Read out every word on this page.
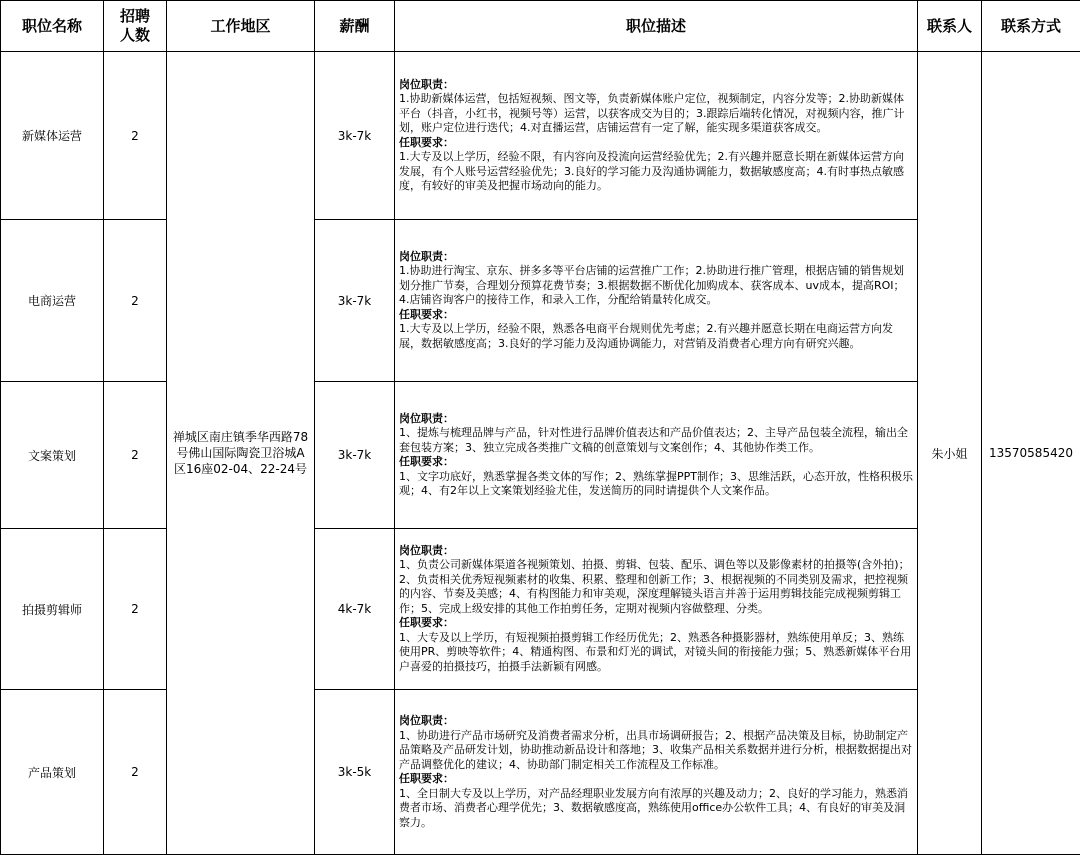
职位名称	招聘人数	工作地区	薪酬	职位描述	联系人	联系方式
新媒体运营	2	禅城区南庄镇季华西路78号佛山国际陶瓷卫浴城A区16座02-04、22-24号	3k-7k	岗位职责：
1.协助新媒体运营，包括短视频、图文等，负责新媒体账户定位，视频制定，内容分发等；2.协助新媒体平台（抖音，小红书，视频号等）运营，以获客成交为目的；3.跟踪后端转化情况，对视频内容，推广计划，账户定位进行迭代；4.对直播运营，店铺运营有一定了解，能实现多渠道获客成交。
任职要求：
1.大专及以上学历，经验不限，有内容向及投流向运营经验优先；2.有兴趣并愿意长期在新媒体运营方向发展，有个人账号运营经验优先；3.良好的学习能力及沟通协调能力，数据敏感度高；4.有时事热点敏感度，有较好的审美及把握市场动向的能力。	朱小姐	13570585420
电商运营	2		3k-7k	岗位职责：
1.协助进行淘宝、京东、拼多多等平台店铺的运营推广工作；2.协助进行推广管理，根据店铺的销售规划划分推广节奏，合理划分预算花费节奏；3.根据数据不断优化加购成本、获客成本、uv成本，提高ROI；4.店铺咨询客户的接待工作，和录入工作，分配给销量转化成交。
任职要求：
1.大专及以上学历，经验不限，熟悉各电商平台规则优先考虑；2.有兴趣并愿意长期在电商运营方向发展，数据敏感度高；3.良好的学习能力及沟通协调能力，对营销及消费者心理方向有研究兴趣。		

文案策划	2		3k-7k	岗位职责：
1、提炼与梳理品牌与产品，针对性进行品牌价值表达和产品价值表达；2、主导产品包装全流程，输出全套包装方案；3、独立完成各类推广文稿的创意策划与文案创作；4、其他协作类工作。
任职要求：
1、文字功底好，熟悉掌握各类文体的写作；2、熟练掌握PPT制作；3、思维活跃，心态开放，性格积极乐观；4、有2年以上文案策划经验尤佳，发送简历的同时请提供个人文案作品。		

拍摄剪辑师	2		4k-7k	岗位职责：
1、负责公司新媒体渠道各视频策划、拍摄、剪辑、包装、配乐、调色等以及影像素材的拍摄等(含外拍)；2、负责相关优秀短视频素材的收集、积累、整理和创新工作；3、根据视频的不同类别及需求，把控视频的内容、节奏及美感；4、有构图能力和审美观，深度理解镜头语言并善于运用剪辑技能完成视频剪辑工作；5、完成上级安排的其他工作拍剪任务，定期对视频内容做整理、分类。
任职要求：
1、大专及以上学历，有短视频拍摄剪辑工作经历优先；2、熟悉各种摄影器材，熟练使用单反；3、熟练使用PR、剪映等软件；4、精通构图、布景和灯光的调试，对镜头间的衔接能力强；5、熟悉新媒体平台用户喜爱的拍摄技巧，拍摄手法新颖有网感。		

产品策划	2		3k-5k	岗位职责：
1、协助进行产品市场研究及消费者需求分析，出具市场调研报告；2、根据产品决策及目标，协助制定产品策略及产品研发计划，协助推动新品设计和落地；3、收集产品相关系数据并进行分析，根据数据提出对产品调整优化的建议；4、协助部门制定相关工作流程及工作标准。
任职要求：
1、全日制大专及以上学历，对产品经理职业发展方向有浓厚的兴趣及动力；2、良好的学习能力，熟悉消费者市场、消费者心理学优先；3、数据敏感度高，熟练使用office办公软件工具；4、有良好的审美及洞察力。		
